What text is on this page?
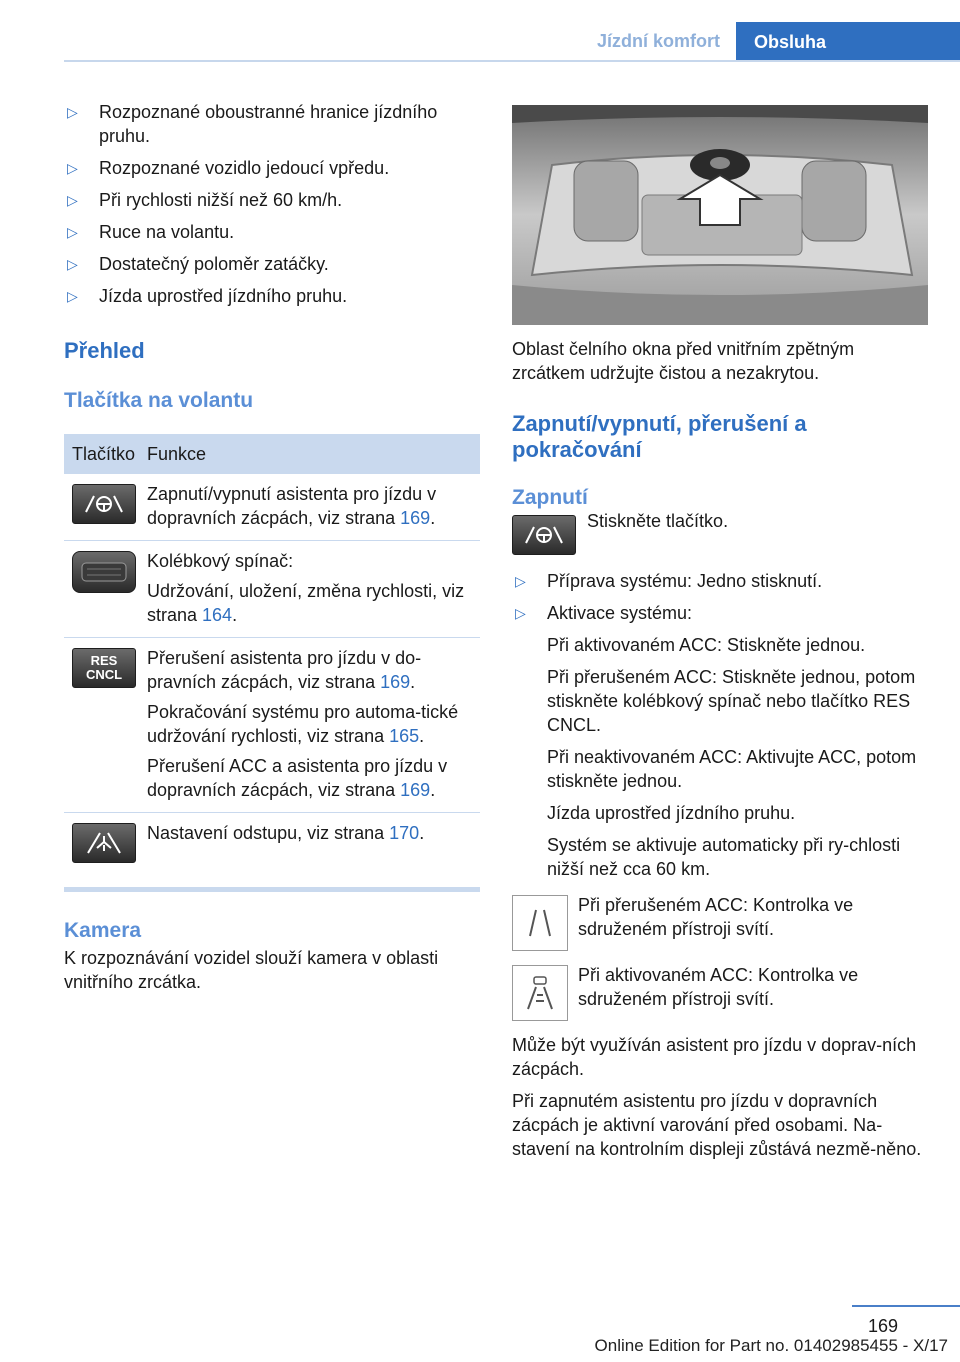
Jízdní komfort	Obsluha
▷ Rozpoznané oboustranné hranice jízdního pruhu.
▷ Rozpoznané vozidlo jedoucí vpředu.
▷ Při rychlosti nižší než 60 km/h.
▷ Ruce na volantu.
▷ Dostatečný poloměr zatáčky.
▷ Jízda uprostřed jízdního pruhu.
Přehled
Tlačítka na volantu
Tlačítko Funkce

Zapnutí/vypnutí asistenta pro jízdu v dopravních zácpách, viz strana 169.

Kolébkový spínač:

Udržování, uložení, změna rychlosti, viz strana 164.

RES CNCL

Přerušení asistenta pro jízdu v do-pravních zácpách, viz strana 169.

Pokračování systému pro automa-tické udržování rychlosti, viz strana 165.

Přerušení ACC a asistenta pro jízdu v dopravních zácpách, viz strana 169.

Nastavení odstupu, viz strana 170.

Kamera

K rozpoznávání vozidel slouží kamera v oblasti vnitřního zrcátka.

Oblast čelního okna před vnitřním zpětným zrcátkem udržujte čistou a nezakrytou.

Zapnutí/vypnutí, přerušení a pokračování
Zapnutí
Stiskněte tlačítko.
▷ Příprava systému: Jedno stisknutí.
▷ Aktivace systému:

Při aktivovaném ACC: Stiskněte jednou.

Při přerušeném ACC: Stiskněte jednou, potom stiskněte kolébkový spínač nebo tlačítko RES CNCL.

Při neaktivovaném ACC: Aktivujte ACC, potom stiskněte jednou.

Jízda uprostřed jízdního pruhu.

Systém se aktivuje automaticky při ry-chlosti nižší než cca 60 km.

Při přerušeném ACC: Kontrolka ve sdruženém přístroji svítí.

Při aktivovaném ACC: Kontrolka ve sdruženém přístroji svítí.

Může být využíván asistent pro jízdu v doprav-ních zácpách.

Při zapnutém asistentu pro jízdu v dopravních zácpách je aktivní varování před osobami. Na-stavení na kontrolním displeji zůstává nezmě-něno.

169
Online Edition for Part no. 01402985455 - X/17
